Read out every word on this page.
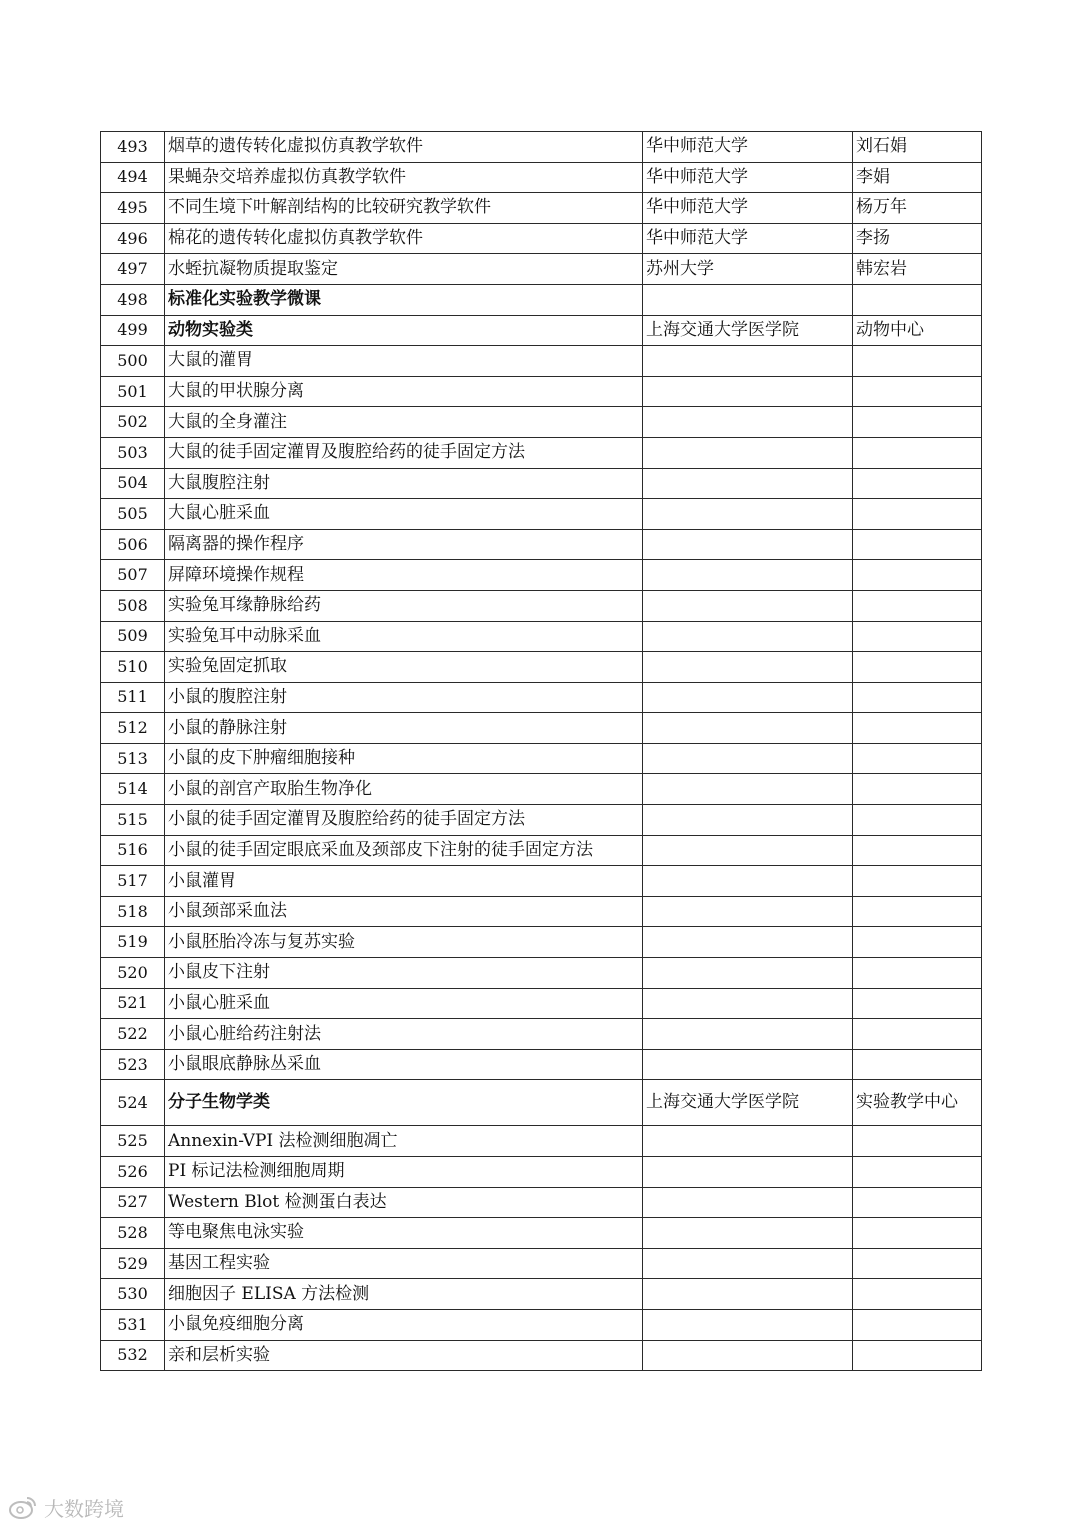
493	烟草的遗传转化虚拟仿真教学软件	华中师范大学	刘石娟
494	果蝇杂交培养虚拟仿真教学软件	华中师范大学	李娟
495	不同生境下叶解剖结构的比较研究教学软件	华中师范大学	杨万年
496	棉花的遗传转化虚拟仿真教学软件	华中师范大学	李扬
497	水蛭抗凝物质提取鉴定	苏州大学	韩宏岩
498	标准化实验教学微课		
499	动物实验类	上海交通大学医学院	动物中心
500	大鼠的灌胃		
501	大鼠的甲状腺分离		
502	大鼠的全身灌注		
503	大鼠的徒手固定灌胃及腹腔给药的徒手固定方法		
504	大鼠腹腔注射		
505	大鼠心脏采血		
506	隔离器的操作程序		
507	屏障环境操作规程		
508	实验兔耳缘静脉给药		
509	实验兔耳中动脉采血		
510	实验兔固定抓取		
511	小鼠的腹腔注射		
512	小鼠的静脉注射		
513	小鼠的皮下肿瘤细胞接种		
514	小鼠的剖宫产取胎生物净化		
515	小鼠的徒手固定灌胃及腹腔给药的徒手固定方法		
516	小鼠的徒手固定眼底采血及颈部皮下注射的徒手固定方法		
517	小鼠灌胃		
518	小鼠颈部采血法		
519	小鼠胚胎冷冻与复苏实验		
520	小鼠皮下注射		
521	小鼠心脏采血		
522	小鼠心脏给药注射法		
523	小鼠眼底静脉丛采血		
524	分子生物学类	上海交通大学医学院	实验教学中心
525	Annexin-VPI 法检测细胞凋亡		
526	PI 标记法检测细胞周期		
527	Western Blot 检测蛋白表达		
528	等电聚焦电泳实验		
529	基因工程实验		
530	细胞因子 ELISA 方法检测		
531	小鼠免疫细胞分离		
532	亲和层析实验		
大数跨境
